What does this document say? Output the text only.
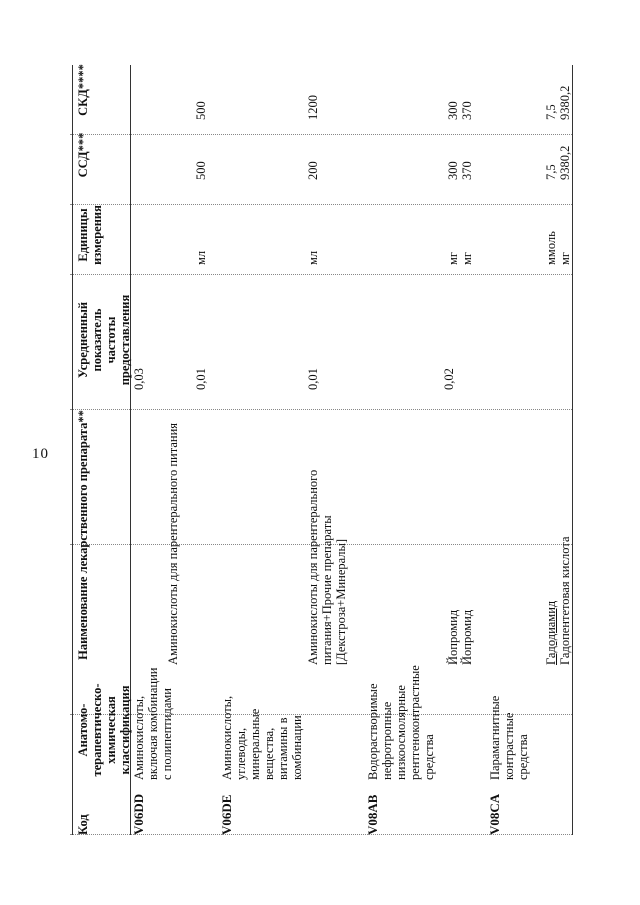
10
Код
Анатомо-терапевтическо-химическая классификация
Наименование лекарственного препарата**
Усредненный показатель частоты предоставления
Единицы измерения
ССД***
СКД****
V06DD
Аминокислоты, включая комбинации с полипептидами
0,03
Аминокислоты для парентерального питания
0,01
мл
500
500
V06DE
Аминокислоты, углеводы, минеральные вещества, витамины в комбинации
Аминокислоты для парентерального питания+Прочие препараты [Декстроза+Минералы]
0,01
мл
200
1200
V08AB
Водорастворимые нефротропные низкоосмолярные рентгеноконтрастные средства
0,02
Йопромид
мг
300
300
Йопромид
мг
370
370
V08CA
Парамагнитные контрастные средства
Гадодиамид
ммоль
7,5
7,5
Гадопентетовая кислота
мг
9380,2
9380,2
